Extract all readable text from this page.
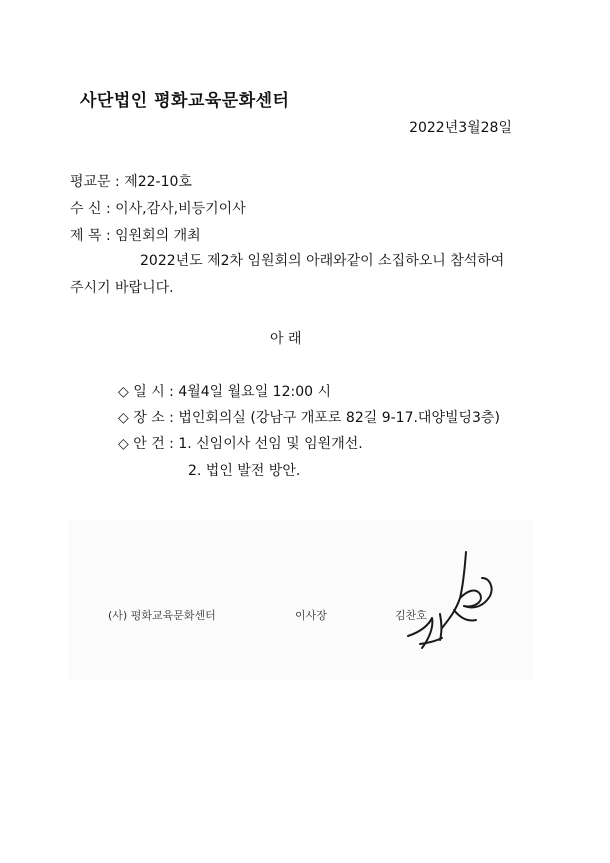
사단법인 평화교육문화센터
2022년3월28일
평교문 : 제22-10호
수 신 : 이사,감사,비등기이사
제 목 : 임원회의 개최
2022년도 제2차 임원회의 아래와같이 소집하오니 참석하여
주시기 바랍니다.
아 래
◇ 일 시 : 4월4일 월요일 12:00 시
◇ 장 소 : 법인회의실 (강남구 개포로 82길 9-17.대양빌딩3층)
◇ 안 건 : 1. 신임이사 선임 및 임원개선.
2. 법인 발전 방안.
(사) 평화교육문화센터	이사장	김찬호
